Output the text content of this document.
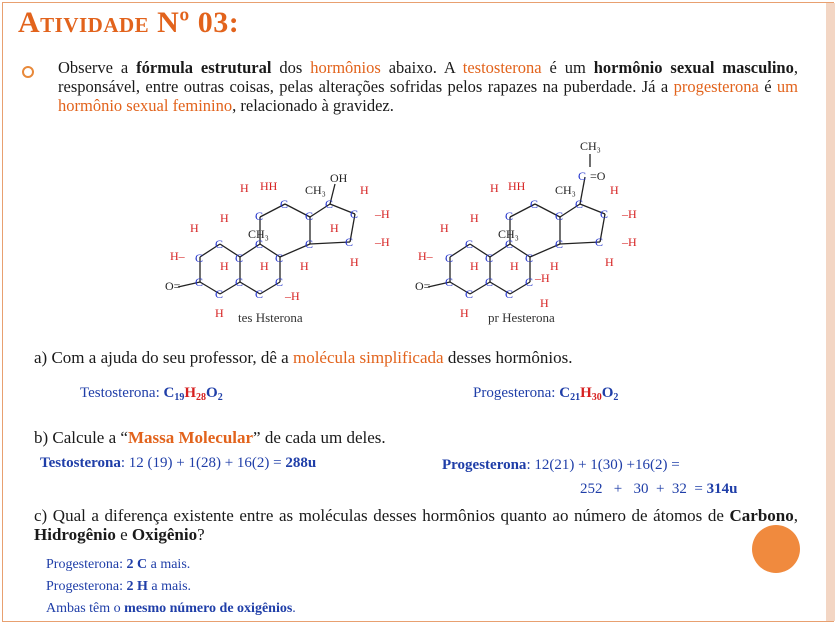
Atividade Nº 03:
Observe a fórmula estrutural dos hormônios abaixo. A testosterona é um hormônio sexual masculino, responsável, entre outras coisas, pelas alterações sofridas pelos rapazes na puberdade. Já a progesterona é um hormônio sexual feminino, relacionado à gravidez.
OH
CH₃
CH₃
O=
C
C	C
C
C
C
C
C
C
C
C
C
C	C
C	C
C
H
H
H–
H	H	H
H HH	H
–H
–H
H
H
–H
H
tes Hsterona
CH₃
C =O
CH₃
CH₃
O=
C
C	C
C
C
C
C
C
C
C
C
C
C	C
C	C
C
H
H
H–
H	H	H
H HH	H
–H
–H
H
H
–H
H
pr Hesterona
a) Com a ajuda do seu professor, dê a molécula simplificada desses hormônios.
Testosterona: $C_{19}H_{28}O_2$	Progesterona: $C_{21}H_{30}O_2$
b) Calcule a “Massa Molecular” de cada um deles.
Testosterona: 12 (19) + 1(28) + 16(2) = 288u	Progesterona: 12(21) + 1(30) +16(2) =
252   +   30  +  32  = 314u
c) Qual a diferença existente entre as moléculas desses hormônios quanto ao número de átomos de Carbono, Hidrogênio e Oxigênio?
Progesterona: 2 C a mais.
Progesterona: 2 H a mais.
Ambas têm o mesmo número de oxigênios.
